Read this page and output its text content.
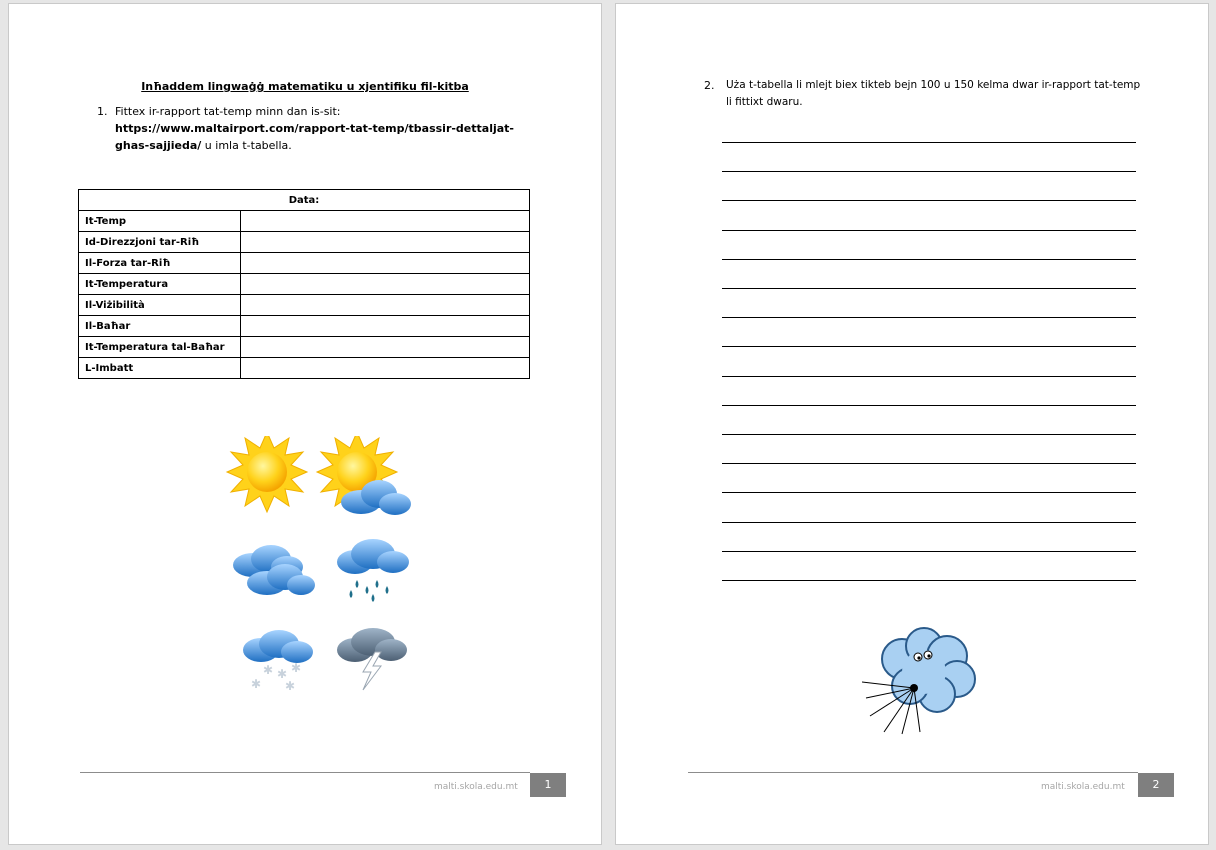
Inħaddem lingwaġġ matematiku u xjentifiku fil-kitba
1. Fittex ir-rapport tat-temp minn dan is-sit:
https://www.maltairport.com/rapport-tat-temp/tbassir-dettaljat-
ghas-sajjieda/ u imla t-tabella.
Data:	
It-Temp	
Id-Direzzjoni tar-Riħ	
Il-Forza tar-Riħ	
It-Temperatura	
Il-Viżibilità	
Il-Baħar	
It-Temperatura tal-Baħar	
L-Imbatt	
✱ ✱ ✱
✱ ✱
malti.skola.edu.mt	1
2. Uża t-tabella li mlejt biex tikteb bejn 100 u 150 kelma dwar ir-rapport tat-temp
li fittixt dwaru.
malti.skola.edu.mt	2
